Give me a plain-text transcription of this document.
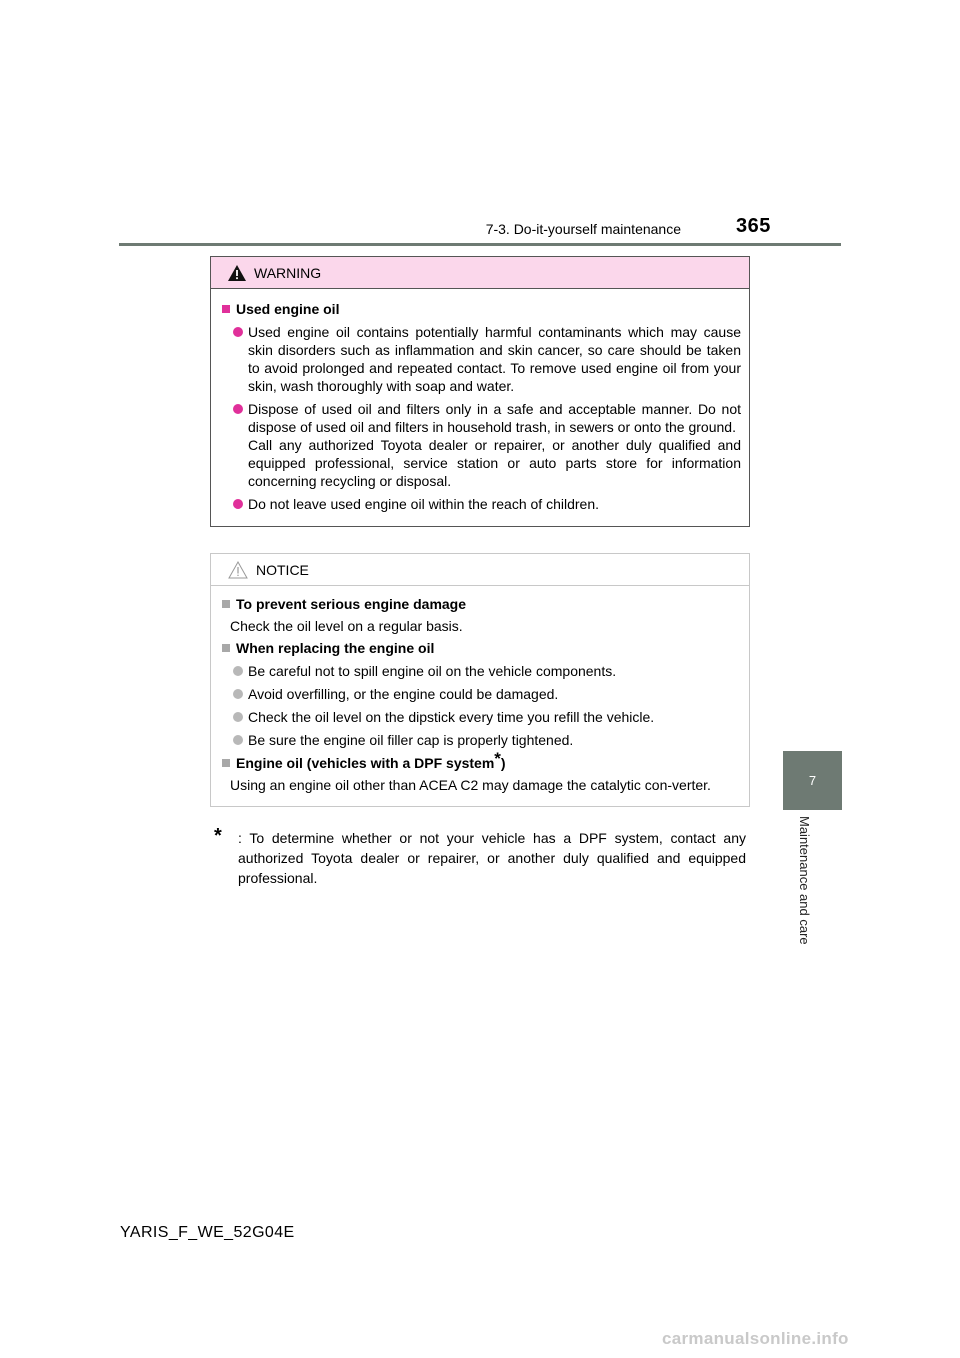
7-3. Do-it-yourself maintenance	365
7
Maintenance and care
WARNING
Used engine oil
Used engine oil contains potentially harmful contaminants which may cause skin disorders such as inflammation and skin cancer, so care should be taken to avoid prolonged and repeated contact. To remove used engine oil from your skin, wash thoroughly with soap and water.
Dispose of used oil and filters only in a safe and acceptable manner. Do not dispose of used oil and filters in household trash, in sewers or onto the ground.
Call any authorized Toyota dealer or repairer, or another duly qualified and equipped professional, service station or auto parts store for information concerning recycling or disposal.
Do not leave used engine oil within the reach of children.
NOTICE
To prevent serious engine damage
Check the oil level on a regular basis.
When replacing the engine oil
Be careful not to spill engine oil on the vehicle components.
Avoid overfilling, or the engine could be damaged.
Check the oil level on the dipstick every time you refill the vehicle.
Be sure the engine oil filler cap is properly tightened.
Engine oil (vehicles with a DPF system*)
Using an engine oil other than ACEA C2 may damage the catalytic con-verter.
*	: To determine whether or not your vehicle has a DPF system, contact any authorized Toyota dealer or repairer, or another duly qualified and equipped professional.
YARIS_F_WE_52G04E
carmanualsonline.info
